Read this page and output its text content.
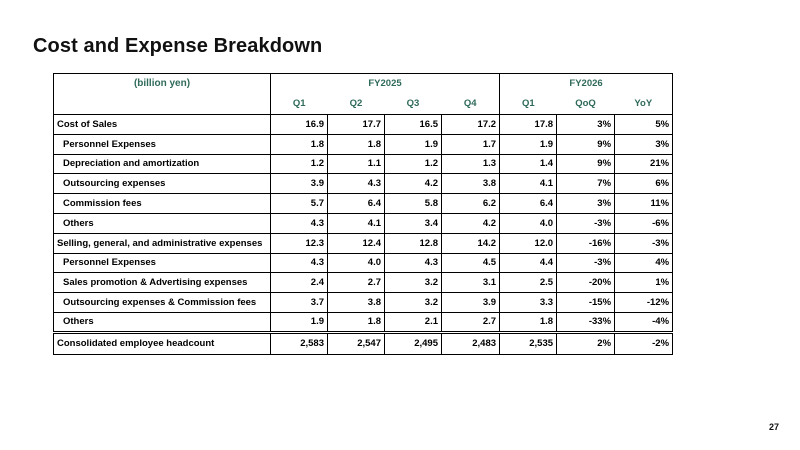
Cost and Expense Breakdown
(billion yen)	FY2025				FY2026		
	Q1	Q2	Q3	Q4	Q1	QoQ	YoY
Cost of Sales	16.9	17.7	16.5	17.2	17.8	3%	5%
Personnel Expenses	1.8	1.8	1.9	1.7	1.9	9%	3%
Depreciation and amortization	1.2	1.1	1.2	1.3	1.4	9%	21%
Outsourcing expenses	3.9	4.3	4.2	3.8	4.1	7%	6%
Commission fees	5.7	6.4	5.8	6.2	6.4	3%	11%
Others	4.3	4.1	3.4	4.2	4.0	-3%	-6%
Selling, general, and administrative expenses	12.3	12.4	12.8	14.2	12.0	-16%	-3%
Personnel Expenses	4.3	4.0	4.3	4.5	4.4	-3%	4%
Sales promotion & Advertising expenses	2.4	2.7	3.2	3.1	2.5	-20%	1%
Outsourcing expenses & Commission fees	3.7	3.8	3.2	3.9	3.3	-15%	-12%
Others	1.9	1.8	2.1	2.7	1.8	-33%	-4%
Consolidated employee headcount	2,583	2,547	2,495	2,483	2,535	2%	-2%
27
